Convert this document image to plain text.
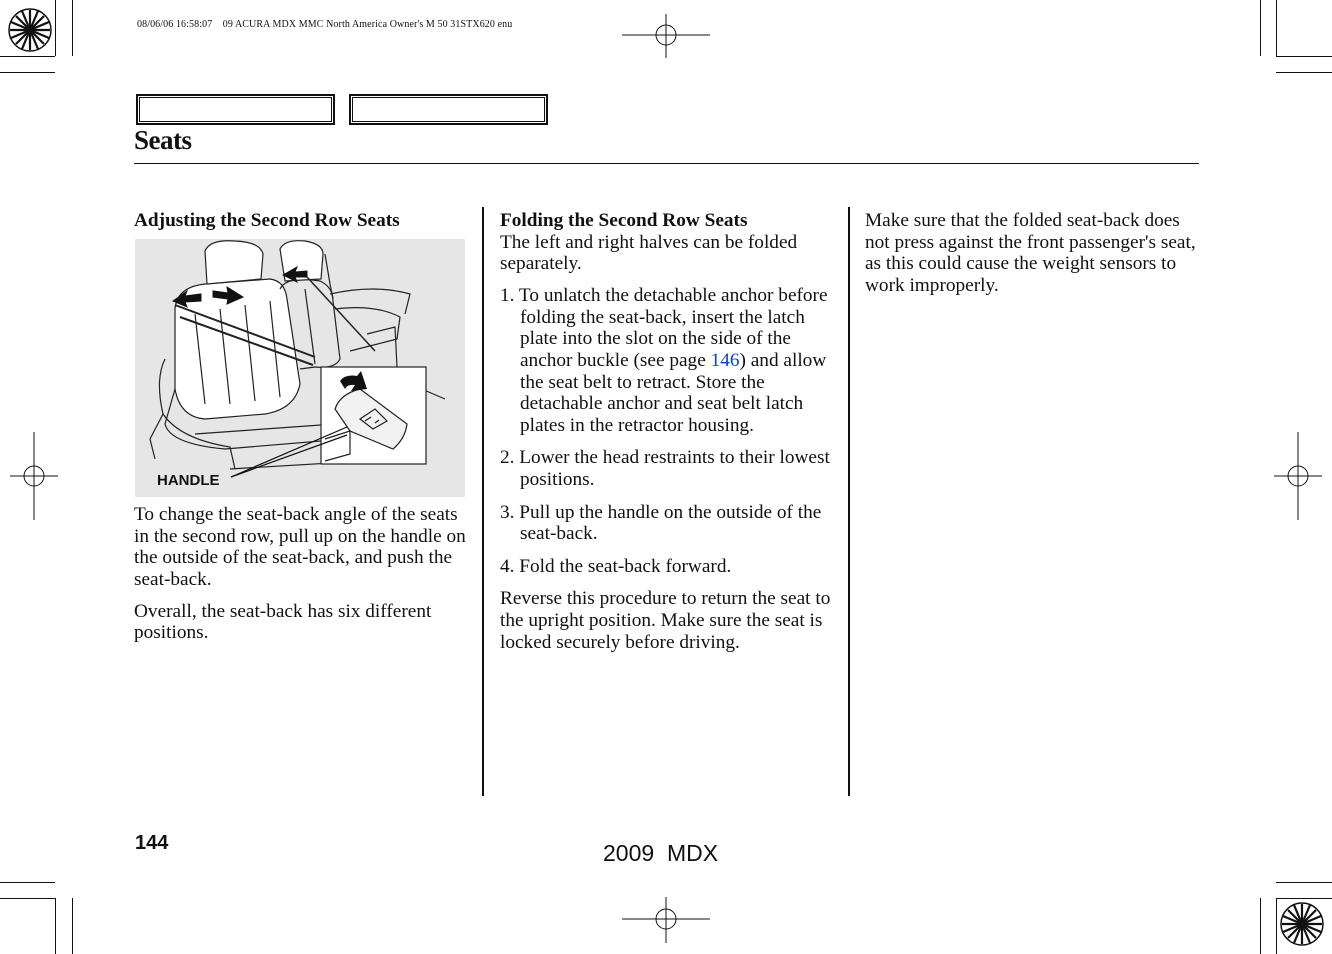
08/06/06 16:58:07    09 ACURA MDX MMC North America Owner's M 50 31STX620 enu
Seats
Adjusting the Second Row Seats
HANDLE

To change the seat-back angle of the seats in the second row, pull up on the handle on the outside of the seat-back, and push the seat-back.

Overall, the seat-back has six different positions.

Folding the Second Row Seats

The left and right halves can be folded separately.

1. To unlatch the detachable anchor before folding the seat-back, insert the latch plate into the slot on the side of the anchor buckle (see page 146) and allow the seat belt to retract. Store the detachable anchor and seat belt latch plates in the retractor housing.
2. Lower the head restraints to their lowest positions.
3. Pull up the handle on the outside of the seat-back.
4. Fold the seat-back forward.

Reverse this procedure to return the seat to the upright position. Make sure the seat is locked securely before driving.

Make sure that the folded seat-back does not press against the front passenger's seat, as this could cause the weight sensors to work improperly.

144	2009  MDX
